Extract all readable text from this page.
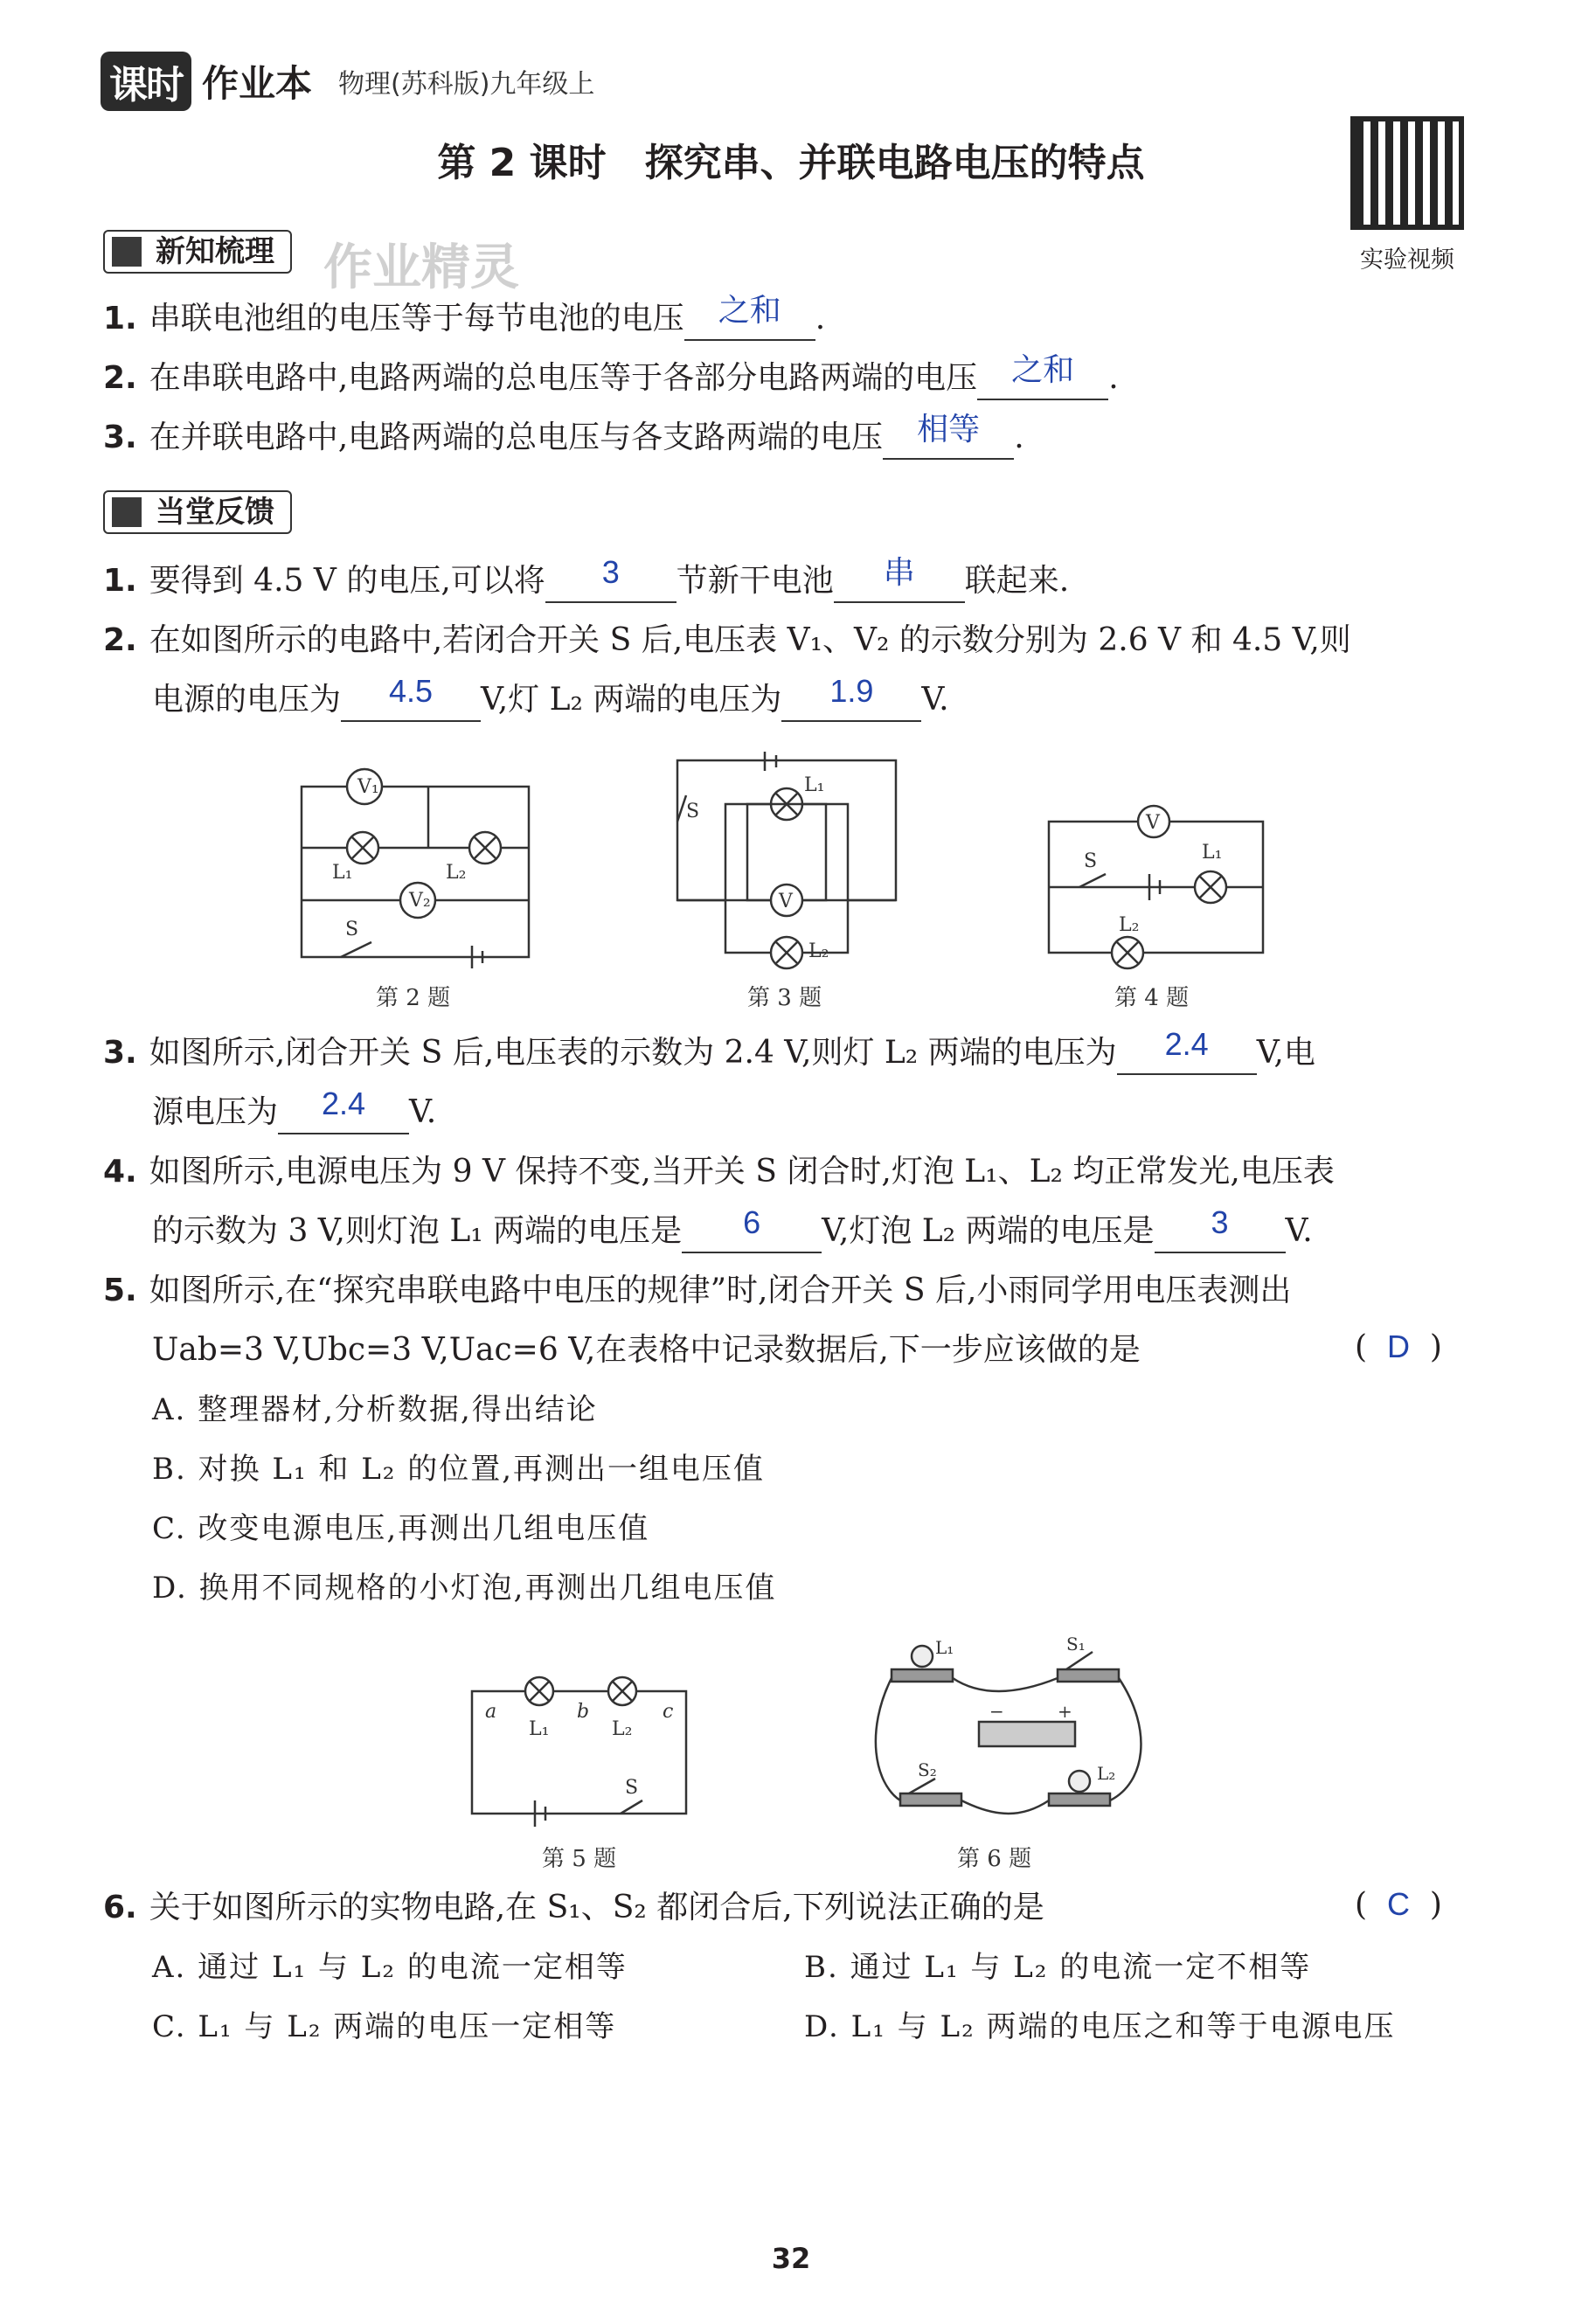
课时 作业本 物理(苏科版)九年级上
第 2 课时　探究串、并联电路电压的特点
实验视频
新知梳理	作业精灵
1. 串联电池组的电压等于每节电池的电压 之和 .
2. 在串联电路中,电路两端的总电压等于各部分电路两端的电压 之和 .
3. 在并联电路中,电路两端的总电压与各支路两端的电压 相等 .
当堂反馈
1. 要得到 4.5 V 的电压,可以将 3 节新干电池 串 联起来.
2. 在如图所示的电路中,若闭合开关 S 后,电压表 V₁、V₂ 的示数分别为 2.6 V 和 4.5 V,则
电源的电压为 4.5 V,灯 L₂ 两端的电压为 1.9 V.
V₁
L₁	L₂
V₂
S
第 2 题
S
L₁
V
L₂
第 3 题
V
S	L₁
L₂
第 4 题
3. 如图所示,闭合开关 S 后,电压表的示数为 2.4 V,则灯 L₂ 两端的电压为 2.4 V,电
源电压为 2.4 V.
4. 如图所示,电源电压为 9 V 保持不变,当开关 S 闭合时,灯泡 L₁、L₂ 均正常发光,电压表
的示数为 3 V,则灯泡 L₁ 两端的电压是 6 V,灯泡 L₂ 两端的电压是 3 V.
5. 如图所示,在“探究串联电路中电压的规律”时,闭合开关 S 后,小雨同学用电压表测出
Uab=3 V,Ubc=3 V,Uac=6 V,在表格中记录数据后,下一步应该做的是	(  D  )
A. 整理器材,分析数据,得出结论
B. 对换 L₁ 和 L₂ 的位置,再测出一组电压值
C. 改变电源电压,再测出几组电压值
D. 换用不同规格的小灯泡,再测出几组电压值
a	b	c
L₁	L₂
S
第 5 题
L₁	S₁
−	+
S₂	L₂
第 6 题
6. 关于如图所示的实物电路,在 S₁、S₂ 都闭合后,下列说法正确的是	(  C  )
A. 通过 L₁ 与 L₂ 的电流一定相等	B. 通过 L₁ 与 L₂ 的电流一定不相等
C. L₁ 与 L₂ 两端的电压一定相等	D. L₁ 与 L₂ 两端的电压之和等于电源电压
32
